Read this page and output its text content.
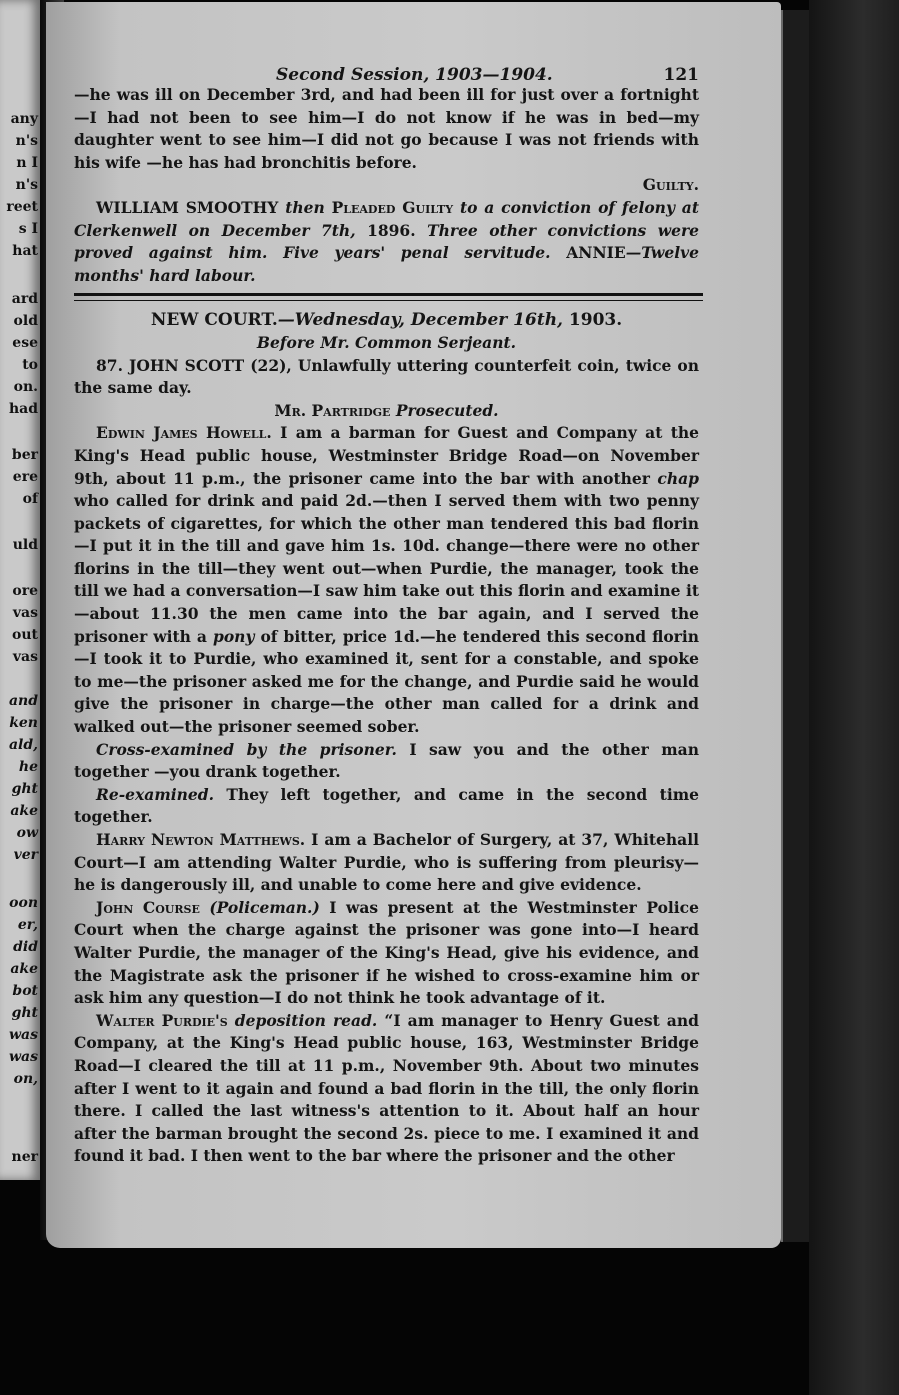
any
n's
n I
n's
reet
s I
hat
ard
old
ese
to
on.
had
ber
ere
of
uld
ore
vas
out
vas
and
ken
ald,
he
ght
ake
ow
ver
oon
er,
did
ake
bot
ght
was
was
on,
ner
Second Session, 1903—1904.	121

—he was ill on December 3rd, and had been ill for just over a fortnight—I had not been to see him—I do not know if he was in bed—my daughter went to see him—I did not go because I was not friends with his wife —he has had bronchitis before.

Guilty.

WILLIAM SMOOTHY then Pleaded Guilty to a conviction of felony at Clerkenwell on December 7th, 1896. Three other convictions were proved against him. Five years' penal servitude. ANNIE—Twelve months' hard labour.

NEW COURT.—Wednesday, December 16th, 1903.

Before Mr. Common Serjeant.

87. JOHN SCOTT (22), Unlawfully uttering counterfeit coin, twice on the same day.

Mr. Partridge Prosecuted.

Edwin James Howell. I am a barman for Guest and Company at the King's Head public house, Westminster Bridge Road—on November 9th, about 11 p.m., the prisoner came into the bar with another chap who called for drink and paid 2d.—then I served them with two penny packets of cigarettes, for which the other man tendered this bad florin —I put it in the till and gave him 1s. 10d. change—there were no other florins in the till—they went out—when Purdie, the manager, took the till we had a conversation—I saw him take out this florin and examine it—about 11.30 the men came into the bar again, and I served the prisoner with a pony of bitter, price 1d.—he tendered this second florin—I took it to Purdie, who examined it, sent for a constable, and spoke to me—the prisoner asked me for the change, and Purdie said he would give the prisoner in charge—the other man called for a drink and walked out—the prisoner seemed sober.

Cross-examined by the prisoner. I saw you and the other man together —you drank together.

Re-examined. They left together, and came in the second time together.

Harry Newton Matthews. I am a Bachelor of Surgery, at 37, Whitehall Court—I am attending Walter Purdie, who is suffering from pleurisy—he is dangerously ill, and unable to come here and give evidence.

John Course (Policeman.) I was present at the Westminster Police Court when the charge against the prisoner was gone into—I heard Walter Purdie, the manager of the King's Head, give his evidence, and the Magistrate ask the prisoner if he wished to cross-examine him or ask him any question—I do not think he took advantage of it.

Walter Purdie's deposition read. “I am manager to Henry Guest and Company, at the King's Head public house, 163, Westminster Bridge Road—I cleared the till at 11 p.m., November 9th. About two minutes after I went to it again and found a bad florin in the till, the only florin there. I called the last witness's attention to it. About half an hour after the barman brought the second 2s. piece to me. I examined it and found it bad. I then went to the bar where the prisoner and the other
